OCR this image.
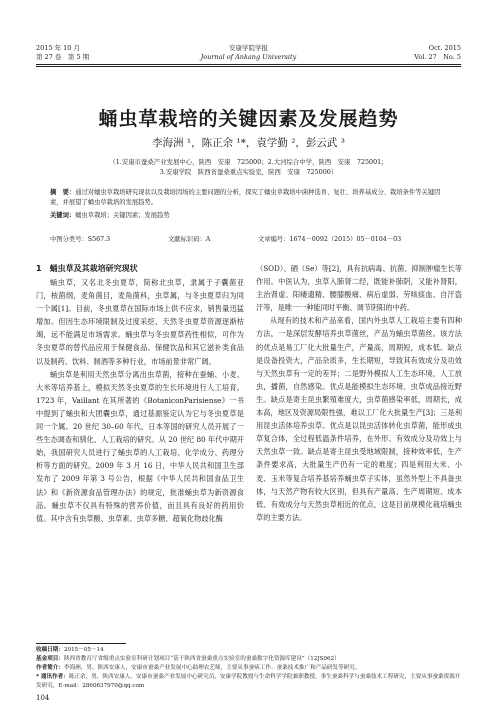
2015 年 10 月
第 27 卷　第 5 期
安康学院学报
Journal of Ankang University
Oct. 2015
Vol. 27　No. 5
蛹虫草栽培的关键因素及发展趋势
李海洲 ¹，陈正余 ¹*，袁学勤 ²，彭云武 ³
（1.安康市蚕桑产业发展中心，陕西　安康　725000；2.大河综合中学，陕西　安康　725001；
3.安康学院　陕西省蚕桑重点实验室，陕西　安康　725000）
摘　要：通过对蛹虫草栽培研究现状以及栽培因场的主要问题的分析，探究了蛹虫草栽培中菌种选育、复壮、培养基成分、栽培条件等关键因素，并展望了蛹虫草栽培的发展趋势。
关键词：蛹虫草栽培；关键因素；发展趋势
中图分类号：S567.3	文献标识码：A	文章编号：1674－0092（2015）05－0104－03
1　蛹虫草及其栽培研究现状

蛹虫草，又名北冬虫夏草，简称北虫草，隶属于子囊菌亚门，核菌纲，麦角菌目，麦角菌科，虫草属，与冬虫夏草归为同一个属[1]。目前，冬虫夏草在国际市场上供不应求，销售量迅猛增加。但因生态环境限制及过度采挖，天然冬虫夏草资源逐渐枯竭，远不能满足市场需求。蛹虫草与冬虫夏草药性相似，可作为冬虫夏草的替代品应用于保健食品、保健饮品和其它滋补类食品以及制药、饮料、制酒等多种行业，市场前景非常广阔。

蛹虫草是利用天然虫草分离出虫草菌，接种在蚕蛹、小麦、大米等培养基上，模拟天然冬虫夏草的生长环境进行人工培育。1723 年，Vaillant 在其所著的《BotaniconParisiense》一书中提到了蛹虫和大团囊虫草，通过基源鉴定认为它与冬虫夏草是同一个属。20 世纪 30–60 年代，日本等国的研究人员开展了一些生态调查和驯化、人工栽培的研究。从 20 世纪 80 年代中期开始，我国研究人员进行了蛹虫草的人工栽培、化学成分、药理分析等方面的研究。2009 年 3 月 16 日，中华人民共和国卫生部发布了 2009 年第 3 号公告，根据《中华人民共和国食品卫生法》和《新资源食品管理办法》的规定，批准蛹虫草为新资源食品。蛹虫草不仅具有特殊的营养价值，而且具有良好的药用价值。其中含有虫草酸、虫草素、虫草多糖、超氧化物歧化酶

（SOD）、硒（Se）等[2]，具有抗病毒、抗菌、抑制肿瘤生长等作用。中医认为，虫草入肺肾二经，既能补肺阴，又能补肾阳，主治肾虚、阳痿遗精、腰膝酸痛、病后虚弱、劳咳痰血、自汗盗汗等，是唯一一种能同时平衡、调节阴阳的中药。

从现有的技术和产品来看，国内外虫草人工栽培主要有四种方法，一是深层发酵培养虫草菌丝，产品为蛹虫草菌丝。该方法的优点是易工厂化大批量生产，产量高，周期短，成本低。缺点是设备投资大，产品杂质多，生长期短，导致其有效成分及功效与天然虫草有一定的差异；二是野外模拟人工生态环境，人工放虫，播菌，自然感染。优点是能模拟生态环境、虫草成品接近野生。缺点是寄主昆虫繁殖难度大，虫草菌感染率低，周期长，成本高，地区及资源局限性强，难以工厂化大批量生产[3]；三是利用昆虫活体培养虫草。优点是以昆虫活体转化虫草菌，能形成虫草复合体，全过程低温条件培养，在外形、有效成分及功效上与天然虫草一致。缺点是寄主昆虫受地域限制，接种效率低，生产条件要求高，大批量生产仍有一定的难度；四是利用大米、小麦、玉米等复合培养基培养蛹虫草子实体，虽然外型上不具备虫体，与天然产物有较大区别，但具有产量高、生产周期短、成本低、有效成分与天然虫草相近的优点，这是目前规模化栽培蛹虫草的主要方法。

收稿日期：2015－05－14
基金项目：陕西省教育厅省级重点实验室科研计划项目“基于陕西省蚕桑重点实验室的蚕桑数字化资源库建设”（12JS062）
作者简介：李海洲，男，陕西安康人，安康市蚕桑产业发展中心助理农艺师，主要从事蚕病工作、蚕桑技术推广和产品研发等研究。
* 通讯作者：陈正余，男，陕西安康人，安康市蚕桑产业发展中心研究员，安康学院教授与生命科学学院兼职教授，事生蚕桑科学与蚕桑技术工程研究，主要从事蚕桑资源开发研究。E-mail：2860637970@qq.com
104
